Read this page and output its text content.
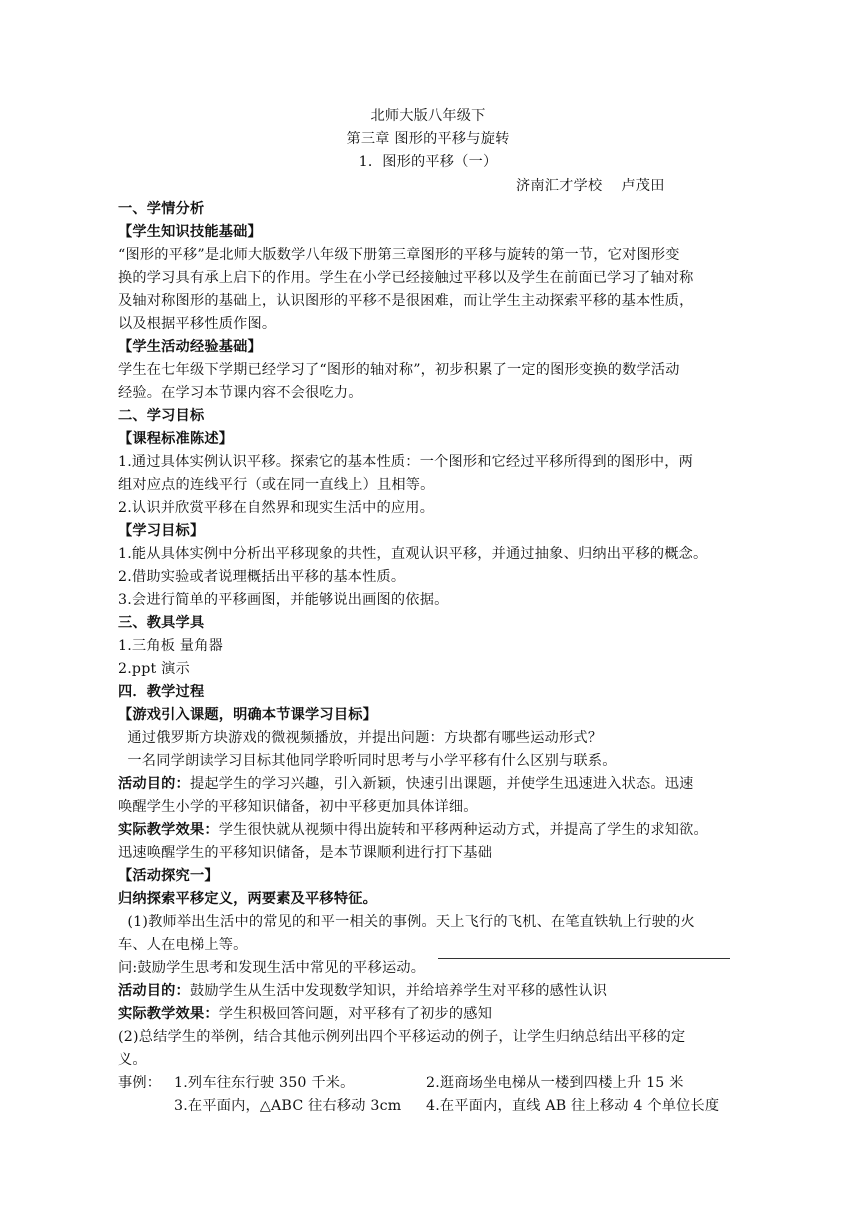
北师大版八年级下
第三章 图形的平移与旋转
1．图形的平移（一）
济南汇才学校　 卢茂田
一、学情分析
【学生知识技能基础】
“图形的平移”是北师大版数学八年级下册第三章图形的平移与旋转的第一节，它对图形变
换的学习具有承上启下的作用。学生在小学已经接触过平移以及学生在前面已学习了轴对称
及轴对称图形的基础上，认识图形的平移不是很困难，而让学生主动探索平移的基本性质，
以及根据平移性质作图。
【学生活动经验基础】
学生在七年级下学期已经学习了“图形的轴对称”，初步积累了一定的图形变换的数学活动
经验。在学习本节课内容不会很吃力。
二、学习目标
【课程标准陈述】
1.通过具体实例认识平移。探索它的基本性质：一个图形和它经过平移所得到的图形中，两
组对应点的连线平行（或在同一直线上）且相等。
2.认识并欣赏平移在自然界和现实生活中的应用。
【学习目标】
1.能从具体实例中分析出平移现象的共性，直观认识平移，并通过抽象、归纳出平移的概念。
2.借助实验或者说理概括出平移的基本性质。
3.会进行简单的平移画图，并能够说出画图的依据。
三、教具学具
1.三角板 量角器
2.ppt 演示
四．教学过程
【游戏引入课题，明确本节课学习目标】
通过俄罗斯方块游戏的微视频播放，并提出问题：方块都有哪些运动形式？
一名同学朗读学习目标其他同学聆听同时思考与小学平移有什么区别与联系。
活动目的：提起学生的学习兴趣，引入新颖，快速引出课题，并使学生迅速进入状态。迅速
唤醒学生小学的平移知识储备，初中平移更加具体详细。
实际教学效果：学生很快就从视频中得出旋转和平移两种运动方式，并提高了学生的求知欲。
迅速唤醒学生的平移知识储备，是本节课顺利进行打下基础
【活动探究一】
归纳探索平移定义，两要素及平移特征。
(1)教师举出生活中的常见的和平一相关的事例。天上飞行的飞机、在笔直铁轨上行驶的火
车、人在电梯上等。
问:鼓励学生思考和发现生活中常见的平移运动。
活动目的：鼓励学生从生活中发现数学知识，并给培养学生对平移的感性认识
实际教学效果：学生积极回答问题，对平移有了初步的感知
(2)总结学生的举例，结合其他示例列出四个平移运动的例子，让学生归纳总结出平移的定
义。
事例： 1.列车往东行驶 350 千米。	2.逛商场坐电梯从一楼到四楼上升 15 米
3.在平面内，△ABC 往右移动 3cm	4.在平面内，直线 AB 往上移动 4 个单位长度
